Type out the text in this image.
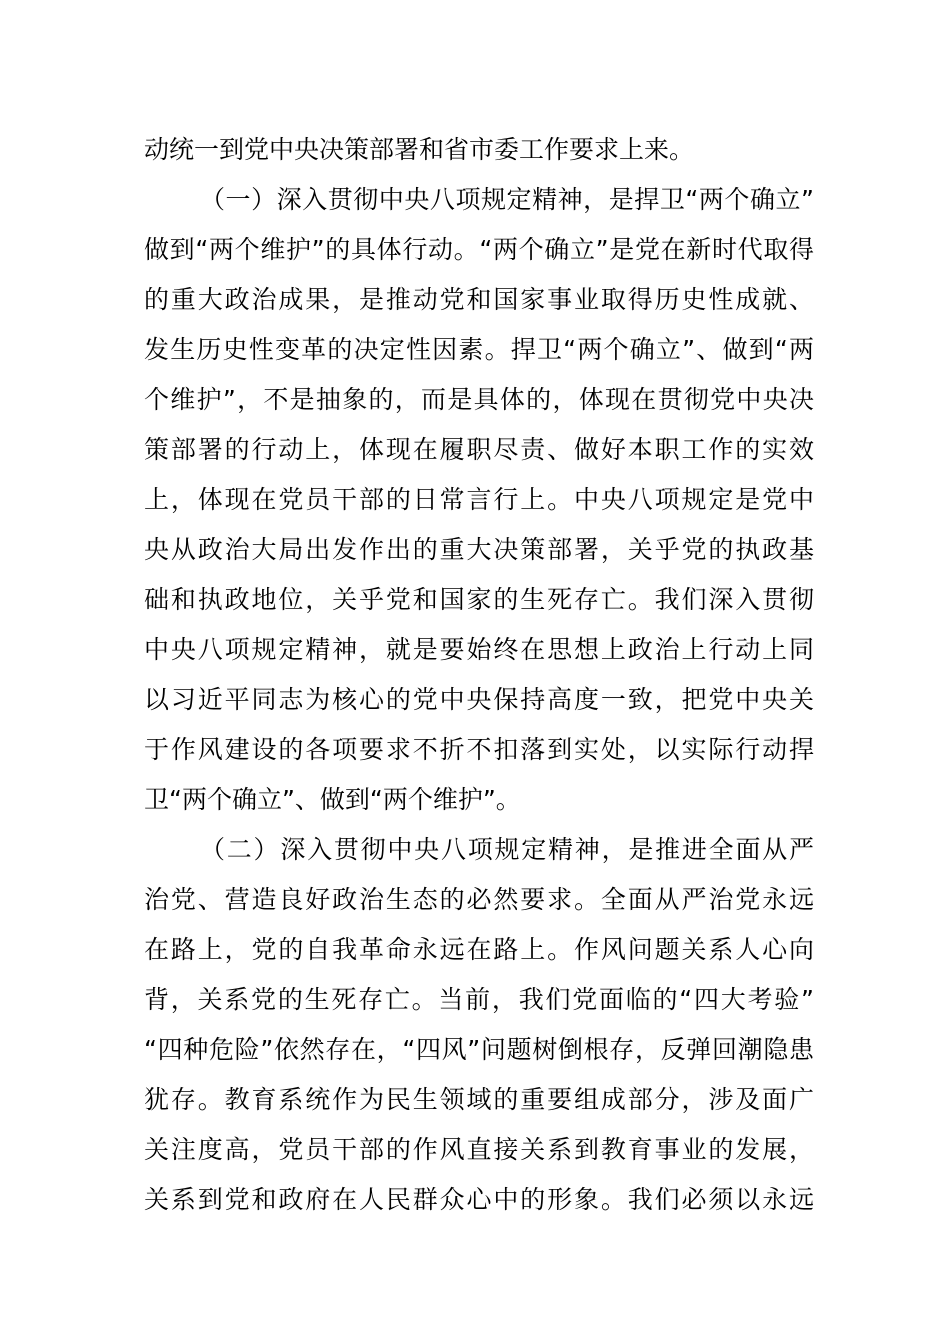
动统一到党中央决策部署和省市委工作要求上来。
（一）深入贯彻中央八项规定精神，是捍卫“两个确立”
做到“两个维护”的具体行动。“两个确立”是党在新时代取得
的重大政治成果，是推动党和国家事业取得历史性成就、
发生历史性变革的决定性因素。捍卫“两个确立”、做到“两
个维护”，不是抽象的，而是具体的，体现在贯彻党中央决
策部署的行动上，体现在履职尽责、做好本职工作的实效
上，体现在党员干部的日常言行上。中央八项规定是党中
央从政治大局出发作出的重大决策部署，关乎党的执政基
础和执政地位，关乎党和国家的生死存亡。我们深入贯彻
中央八项规定精神，就是要始终在思想上政治上行动上同
以习近平同志为核心的党中央保持高度一致，把党中央关
于作风建设的各项要求不折不扣落到实处，以实际行动捍
卫“两个确立”、做到“两个维护”。
（二）深入贯彻中央八项规定精神，是推进全面从严
治党、营造良好政治生态的必然要求。全面从严治党永远
在路上，党的自我革命永远在路上。作风问题关系人心向
背，关系党的生死存亡。当前，我们党面临的“四大考验”
“四种危险”依然存在，“四风”问题树倒根存，反弹回潮隐患
犹存。教育系统作为民生领域的重要组成部分，涉及面广
关注度高，党员干部的作风直接关系到教育事业的发展，
关系到党和政府在人民群众心中的形象。我们必须以永远
